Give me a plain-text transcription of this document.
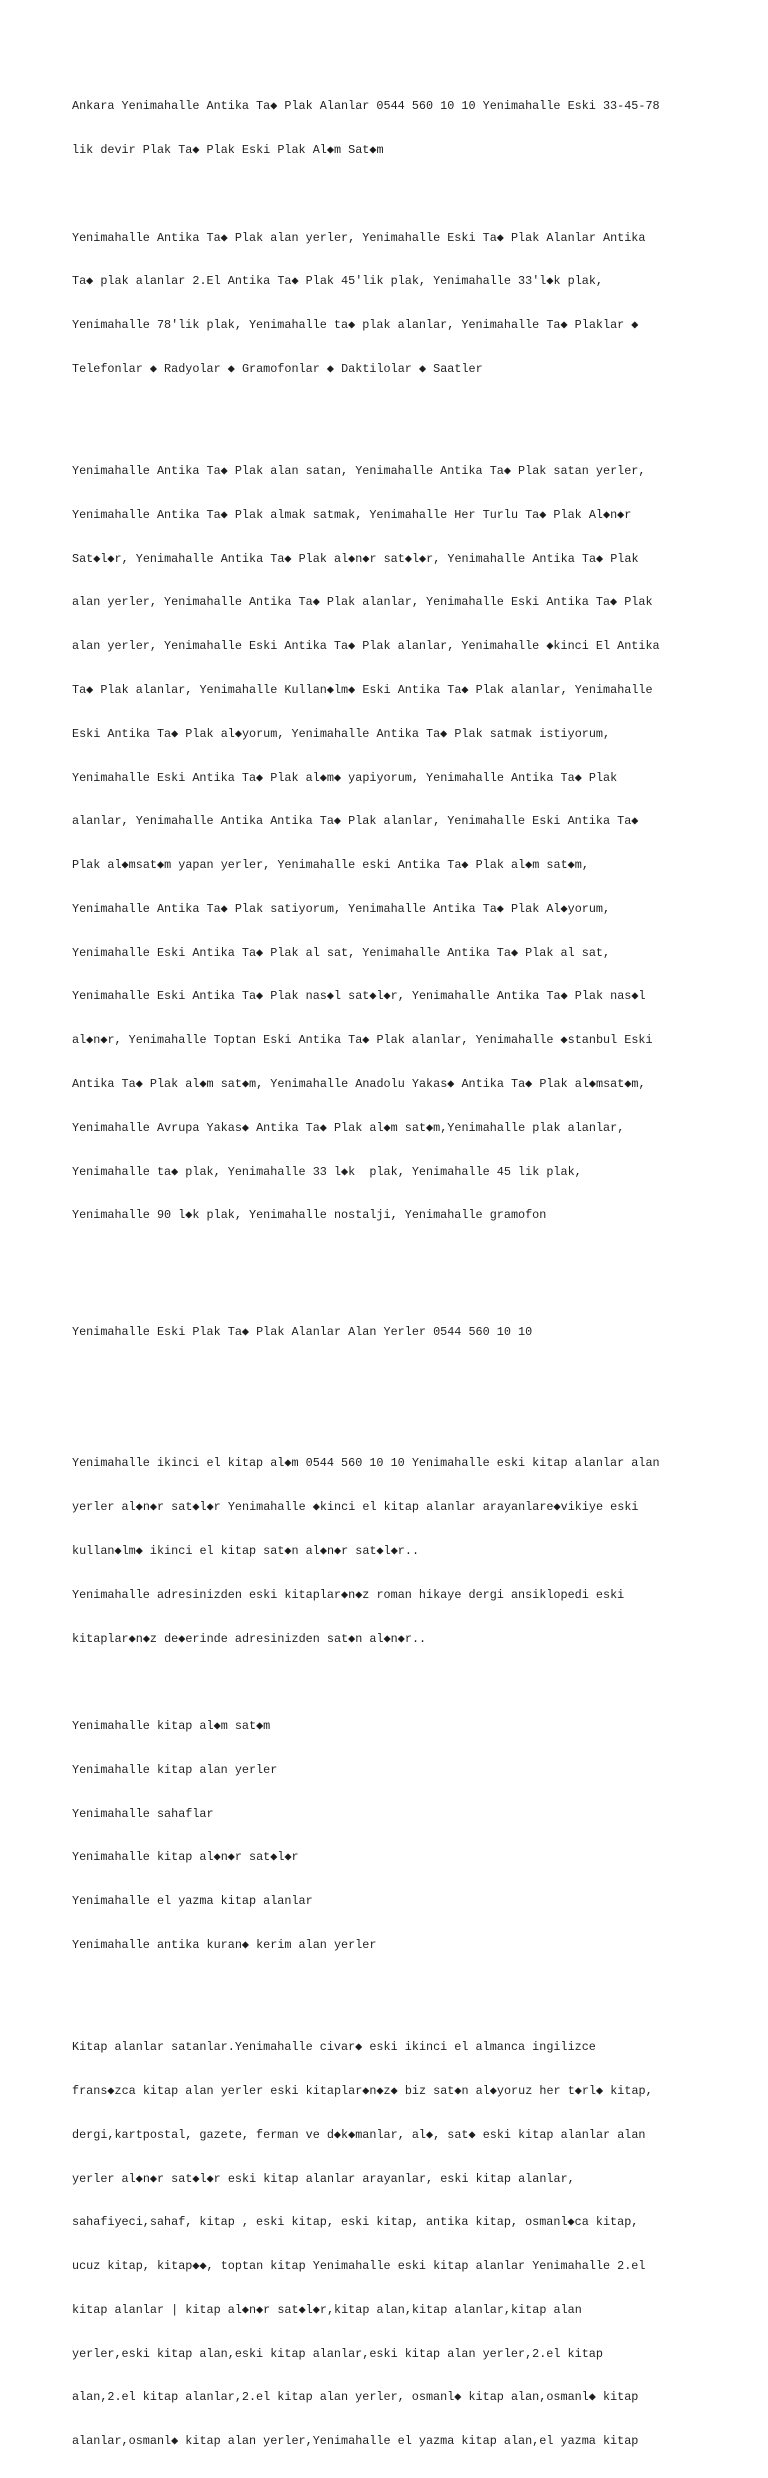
Ankara Yenimahalle Antika Ta◆ Plak Alanlar 0544 560 10 10 Yenimahalle Eski 33-45-78

lik devir Plak Ta◆ Plak Eski Plak Al◆m Sat◆m

Yenimahalle Antika Ta◆ Plak alan yerler, Yenimahalle Eski Ta◆ Plak Alanlar Antika

Ta◆ plak alanlar 2.El Antika Ta◆ Plak 45'lik plak, Yenimahalle 33'l◆k plak,

Yenimahalle 78'lik plak, Yenimahalle ta◆ plak alanlar, Yenimahalle Ta◆ Plaklar ◆

Telefonlar ◆ Radyolar ◆ Gramofonlar ◆ Daktilolar ◆ Saatler

Yenimahalle Antika Ta◆ Plak alan satan, Yenimahalle Antika Ta◆ Plak satan yerler,

Yenimahalle Antika Ta◆ Plak almak satmak, Yenimahalle Her Turlu Ta◆ Plak Al◆n◆r

Sat◆l◆r, Yenimahalle Antika Ta◆ Plak al◆n◆r sat◆l◆r, Yenimahalle Antika Ta◆ Plak

alan yerler, Yenimahalle Antika Ta◆ Plak alanlar, Yenimahalle Eski Antika Ta◆ Plak

alan yerler, Yenimahalle Eski Antika Ta◆ Plak alanlar, Yenimahalle ◆kinci El Antika

Ta◆ Plak alanlar, Yenimahalle Kullan◆lm◆ Eski Antika Ta◆ Plak alanlar, Yenimahalle

Eski Antika Ta◆ Plak al◆yorum, Yenimahalle Antika Ta◆ Plak satmak istiyorum,

Yenimahalle Eski Antika Ta◆ Plak al◆m◆ yapiyorum, Yenimahalle Antika Ta◆ Plak

alanlar, Yenimahalle Antika Antika Ta◆ Plak alanlar, Yenimahalle Eski Antika Ta◆

Plak al◆msat◆m yapan yerler, Yenimahalle eski Antika Ta◆ Plak al◆m sat◆m,

Yenimahalle Antika Ta◆ Plak satiyorum, Yenimahalle Antika Ta◆ Plak Al◆yorum,

Yenimahalle Eski Antika Ta◆ Plak al sat, Yenimahalle Antika Ta◆ Plak al sat,

Yenimahalle Eski Antika Ta◆ Plak nas◆l sat◆l◆r, Yenimahalle Antika Ta◆ Plak nas◆l

al◆n◆r, Yenimahalle Toptan Eski Antika Ta◆ Plak alanlar, Yenimahalle ◆stanbul Eski

Antika Ta◆ Plak al◆m sat◆m, Yenimahalle Anadolu Yakas◆ Antika Ta◆ Plak al◆msat◆m,

Yenimahalle Avrupa Yakas◆ Antika Ta◆ Plak al◆m sat◆m,Yenimahalle plak alanlar,

Yenimahalle ta◆ plak, Yenimahalle 33 l◆k  plak, Yenimahalle 45 lik plak,

Yenimahalle 90 l◆k plak, Yenimahalle nostalji, Yenimahalle gramofon

Yenimahalle Eski Plak Ta◆ Plak Alanlar Alan Yerler 0544 560 10 10

Yenimahalle ikinci el kitap al◆m 0544 560 10 10 Yenimahalle eski kitap alanlar alan

yerler al◆n◆r sat◆l◆r Yenimahalle ◆kinci el kitap alanlar arayanlare◆vikiye eski

kullan◆lm◆ ikinci el kitap sat◆n al◆n◆r sat◆l◆r..

Yenimahalle adresinizden eski kitaplar◆n◆z roman hikaye dergi ansiklopedi eski

kitaplar◆n◆z de◆erinde adresinizden sat◆n al◆n◆r..

Yenimahalle kitap al◆m sat◆m

Yenimahalle kitap alan yerler

Yenimahalle sahaflar

Yenimahalle kitap al◆n◆r sat◆l◆r

Yenimahalle el yazma kitap alanlar

Yenimahalle antika kuran◆ kerim alan yerler

Kitap alanlar satanlar.Yenimahalle civar◆ eski ikinci el almanca ingilizce

frans◆zca kitap alan yerler eski kitaplar◆n◆z◆ biz sat◆n al◆yoruz her t◆rl◆ kitap,

dergi,kartpostal, gazete, ferman ve d◆k◆manlar, al◆, sat◆ eski kitap alanlar alan

yerler al◆n◆r sat◆l◆r eski kitap alanlar arayanlar, eski kitap alanlar,

sahafiyeci,sahaf, kitap , eski kitap, eski kitap, antika kitap, osmanl◆ca kitap,

ucuz kitap, kitap◆◆, toptan kitap Yenimahalle eski kitap alanlar Yenimahalle 2.el

kitap alanlar | kitap al◆n◆r sat◆l◆r,kitap alan,kitap alanlar,kitap alan

yerler,eski kitap alan,eski kitap alanlar,eski kitap alan yerler,2.el kitap

alan,2.el kitap alanlar,2.el kitap alan yerler, osmanl◆ kitap alan,osmanl◆ kitap

alanlar,osmanl◆ kitap alan yerler,Yenimahalle el yazma kitap alan,el yazma kitap
